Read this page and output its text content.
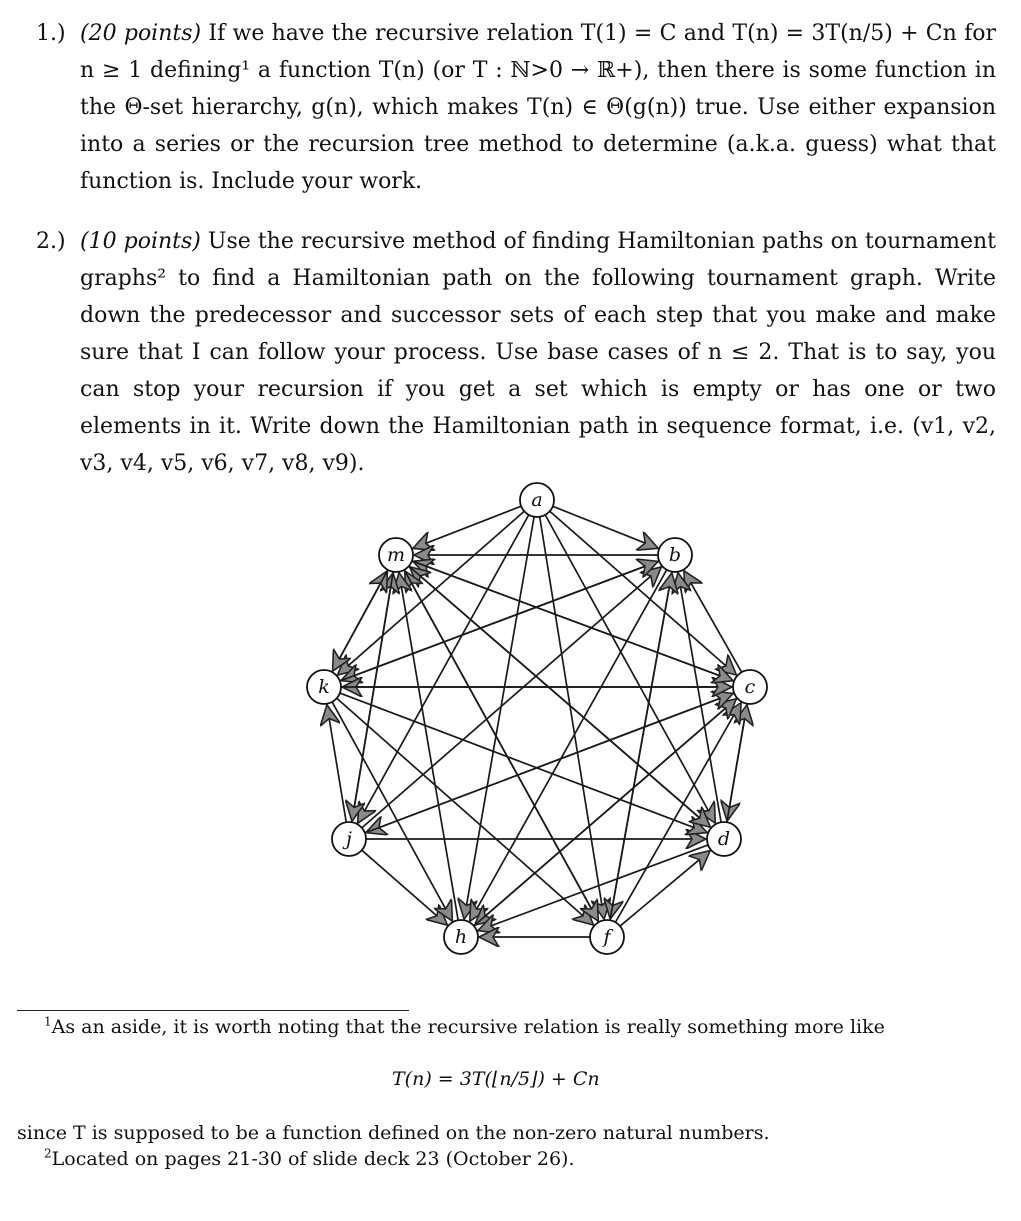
1.) (20 points) If we have the recursive relation T(1) = C and T(n) = 3T(n/5) + Cn for n ≥ 1 defining¹ a function T(n) (or T : ℕ>0 → ℝ+), then there is some function in the Θ-set hierarchy, g(n), which makes T(n) ∈ Θ(g(n)) true. Use either expansion into a series or the recursion tree method to determine (a.k.a. guess) what that function is. Include your work.
2.) (10 points) Use the recursive method of finding Hamiltonian paths on tournament graphs² to find a Hamiltonian path on the following tournament graph. Write down the predecessor and successor sets of each step that you make and make sure that I can follow your process. Use base cases of n ≤ 2. That is to say, you can stop your recursion if you get a set which is empty or has one or two elements in it. Write down the Hamiltonian path in sequence format, i.e. (v1, v2, v3, v4, v5, v6, v7, v8, v9).
a
b
c
d
f
h
j
k
m
$^1$As an aside, it is worth noting that the recursive relation is really something more like
T(n) = 3T(⌊n/5⌋) + Cn
since T is supposed to be a function defined on the non-zero natural numbers.
$^2$Located on pages 21-30 of slide deck 23 (October 26).
